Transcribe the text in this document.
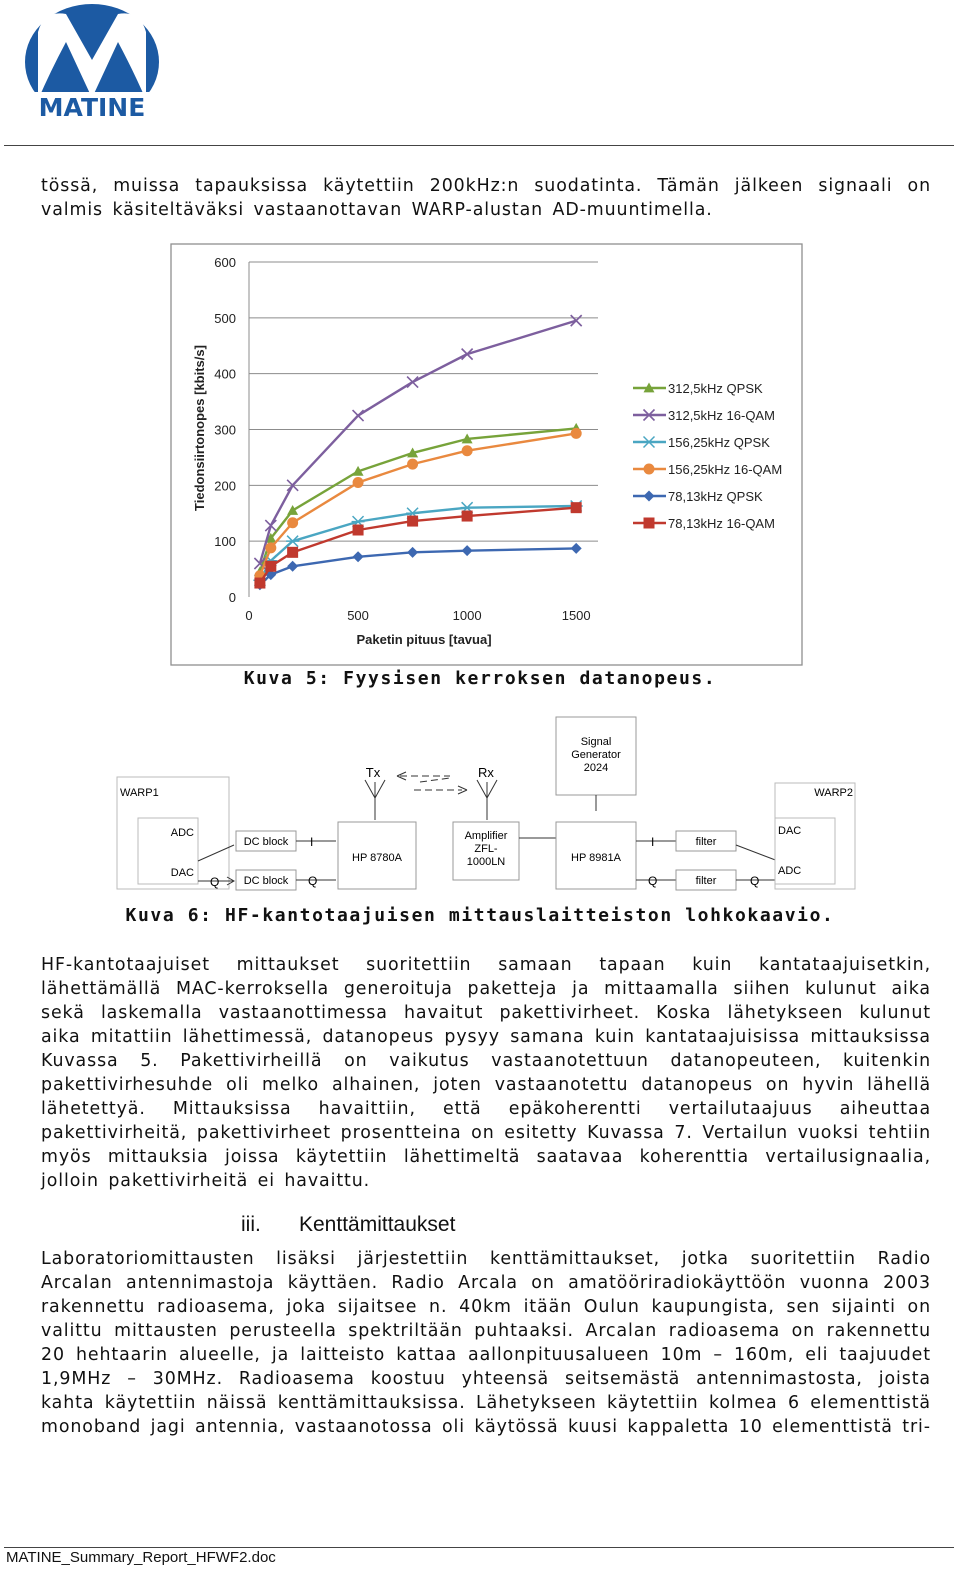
MATINE

tössä, muissa tapauksissa käytettiin 200kHz:n suodatinta. Tämän jälkeen signaali on valmis käsiteltäväksi vastaanottavan WARP-alustan AD-muuntimella.

0
100
200
300
400
500
600
0	500	1000	1500
312,5kHz QPSK
312,5kHz 16-QAM
156,25kHz QPSK
156,25kHz 16-QAM
78,13kHz QPSK
78,13kHz 16-QAM
Paketin pituus [tavua]
Tiedonsiirtonopes [kbits/s]

Kuva 5: Fyysisen kerroksen datanopeus.

Signal
Generator
2024
Tx	Rx
WARP1
ADC
DAC
Q
DC block
DC block
I
Q
HP 8780A
Amplifier
ZFL-
1000LN	HP 8981A
I
Q
filter
filter	Q
WARP2
DAC
ADC

Kuva 6: HF-kantotaajuisen mittauslaitteiston lohkokaavio.

HF-kantotaajuiset mittaukset suoritettiin samaan tapaan kuin kantataajuisetkin, lähettämällä MAC-kerroksella generoituja paketteja ja mittaamalla siihen kulunut aika sekä laskemalla vastaanottimessa havaitut pakettivirheet. Koska lähetykseen kulunut aika mitattiin lähettimessä, datanopeus pysyy samana kuin kantataajuisissa mittauksissa Kuvassa 5. Pakettivirheillä on vaikutus vastaanotettuun datanopeuteen, kuitenkin pakettivirhesuhde oli melko alhainen, joten vastaanotettu datanopeus on hyvin lähellä lähetettyä. Mittauksissa havaittiin, että epäkoherentti vertailutaajuus aiheuttaa pakettivirheitä, pakettivirheet prosentteina on esitetty Kuvassa 7. Vertailun vuoksi tehtiin myös mittauksia joissa käytettiin lähettimeltä saatavaa koherenttia vertailusignaalia, jolloin pakettivirheitä ei havaittu.

iii. Kenttämittaukset

Laboratoriomittausten lisäksi järjestettiin kenttämittaukset, jotka suoritettiin Radio Arcalan antennimastoja käyttäen. Radio Arcala on amatööriradiokäyttöön vuonna 2003 rakennettu radioasema, joka sijaitsee n. 40km itään Oulun kaupungista, sen sijainti on valittu mittausten perusteella spektriltään puhtaaksi. Arcalan radioasema on rakennettu 20 hehtaarin alueelle, ja laitteisto kattaa aallonpituusalueen 10m – 160m, eli taajuudet 1,9MHz – 30MHz. Radioasema koostuu yhteensä seitsemästä antennimastosta, joista kahta käytettiin näissä kenttämittauksissa. Lähetykseen käytettiin kolmea 6 elementtistä monoband jagi antennia, vastaanotossa oli käytössä kuusi kappaletta 10 elementtistä tri-

MATINE_Summary_Report_HFWF2.doc
